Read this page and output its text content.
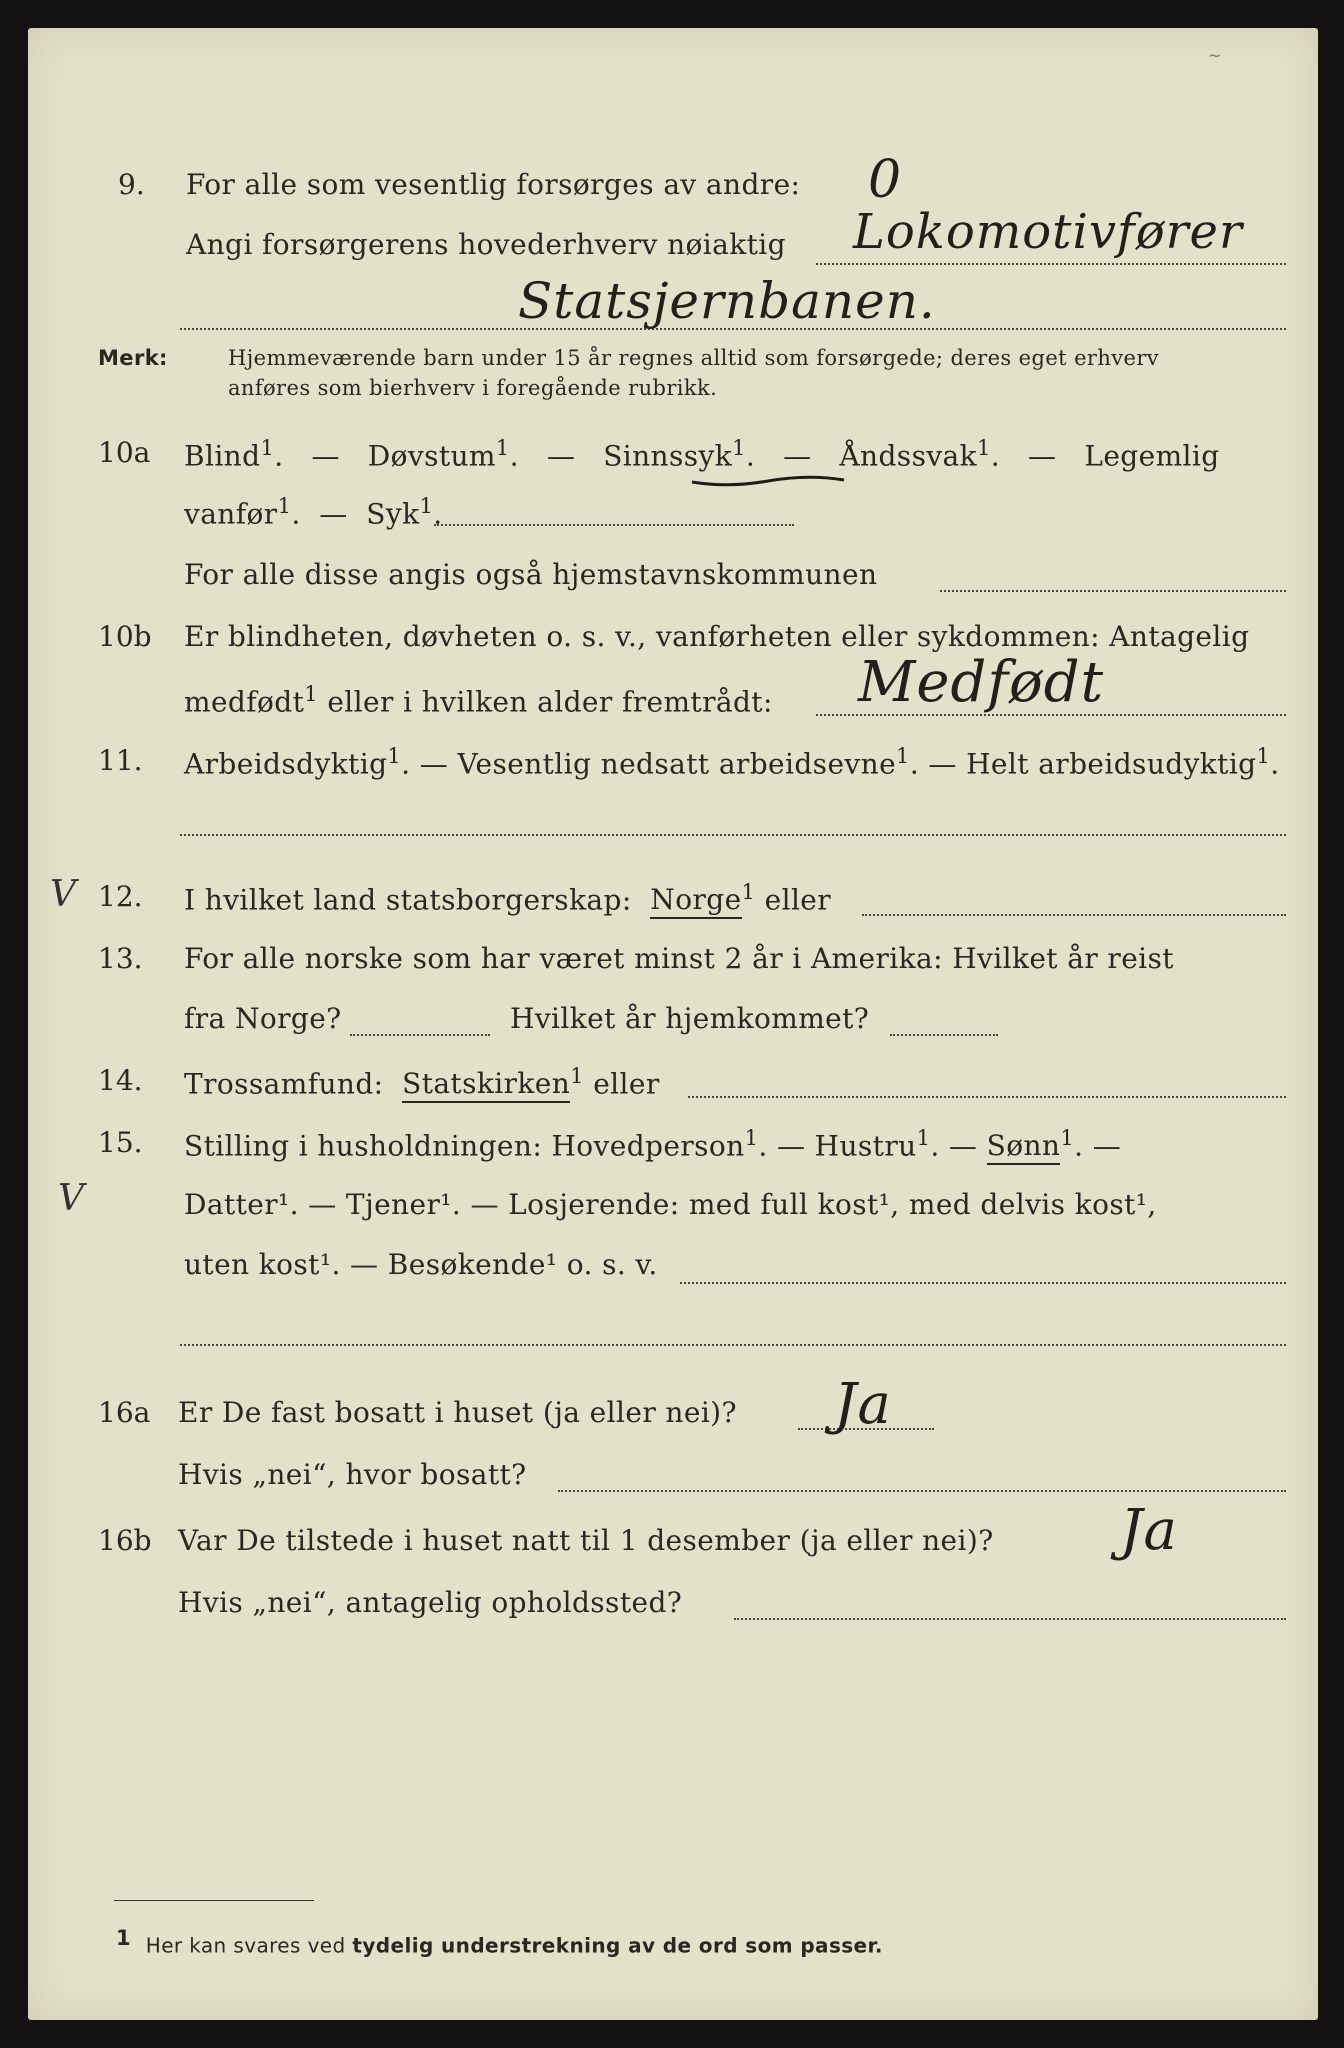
~
9. For alle som vesentlig forsørges av andre: 0
Angi forsørgerens hovederhverv nøiaktig Lokomotivfører
Statsjernbanen.
Merk:	Hjemmeværende barn under 15 år regnes alltid som forsørgede; deres eget erhverv
anføres som bierhverv i foregående rubrikk.
10a Blind$^1$. — Døvstum$^1$. — Sinnssyk$^1$. — Åndssvak$^1$. — Legemlig
vanfør$^1$. — Syk$^1$.
For alle disse angis også hjemstavnskommunen
10b Er blindheten, døvheten o. s. v., vanførheten eller sykdommen: Antagelig
medfødt$^1$ eller i hvilken alder fremtrådt: Medfødt
11. Arbeidsdyktig$^1$. — Vesentlig nedsatt arbeidsevne$^1$. — Helt arbeidsudyktig$^1$.
V 12. I hvilket land statsborgerskap: Norge$^1$ eller
13. For alle norske som har været minst 2 år i Amerika: Hvilket år reist
fra Norge?	Hvilket år hjemkommet?
14. Trossamfund: Statskirken$^1$ eller
15. Stilling i husholdningen: Hovedperson$^1$. — Hustru$^1$. — Sønn$^1$. —
V	Datter¹. — Tjener¹. — Losjerende: med full kost¹, med delvis kost¹,
uten kost¹. — Besøkende¹ o. s. v.
16a Er De fast bosatt i huset (ja eller nei)? Ja
Hvis „nei“, hvor bosatt?
16b Var De tilstede i huset natt til 1 desember (ja eller nei)? Ja
Hvis „nei“, antagelig opholdssted?
$^1$ Her kan svares ved tydelig understrekning av de ord som passer.
